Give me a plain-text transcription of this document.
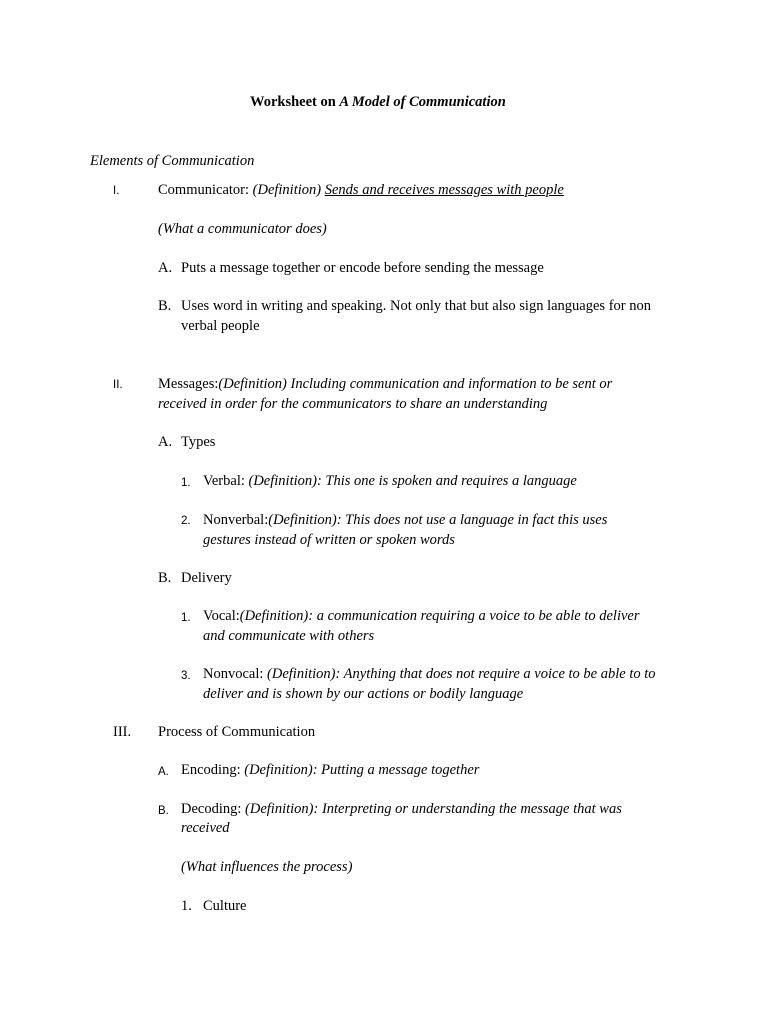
Worksheet on A Model of Communication
Elements of Communication
I.	Communicator: (Definition) Sends and receives messages with people
(What a communicator does)
A. Puts a message together or encode before sending the message
B. Uses word in writing and speaking. Not only that but also sign languages for non
verbal people
II. Messages:(Definition) Including communication and information to be sent or
received in order for the communicators to share an understanding
A. Types
1. Verbal: (Definition): This one is spoken and requires a language
2. Nonverbal:(Definition): This does not use a language in fact this uses
gestures instead of written or spoken words
B. Delivery
1. Vocal:(Definition): a communication requiring a voice to be able to deliver
and communicate with others
3. Nonvocal: (Definition): Anything that does not require a voice to be able to to
deliver and is shown by our actions or bodily language
III. Process of Communication
A. Encoding: (Definition): Putting a message together
B. Decoding: (Definition): Interpreting or understanding the message that was
received
(What influences the process)
1. Culture
